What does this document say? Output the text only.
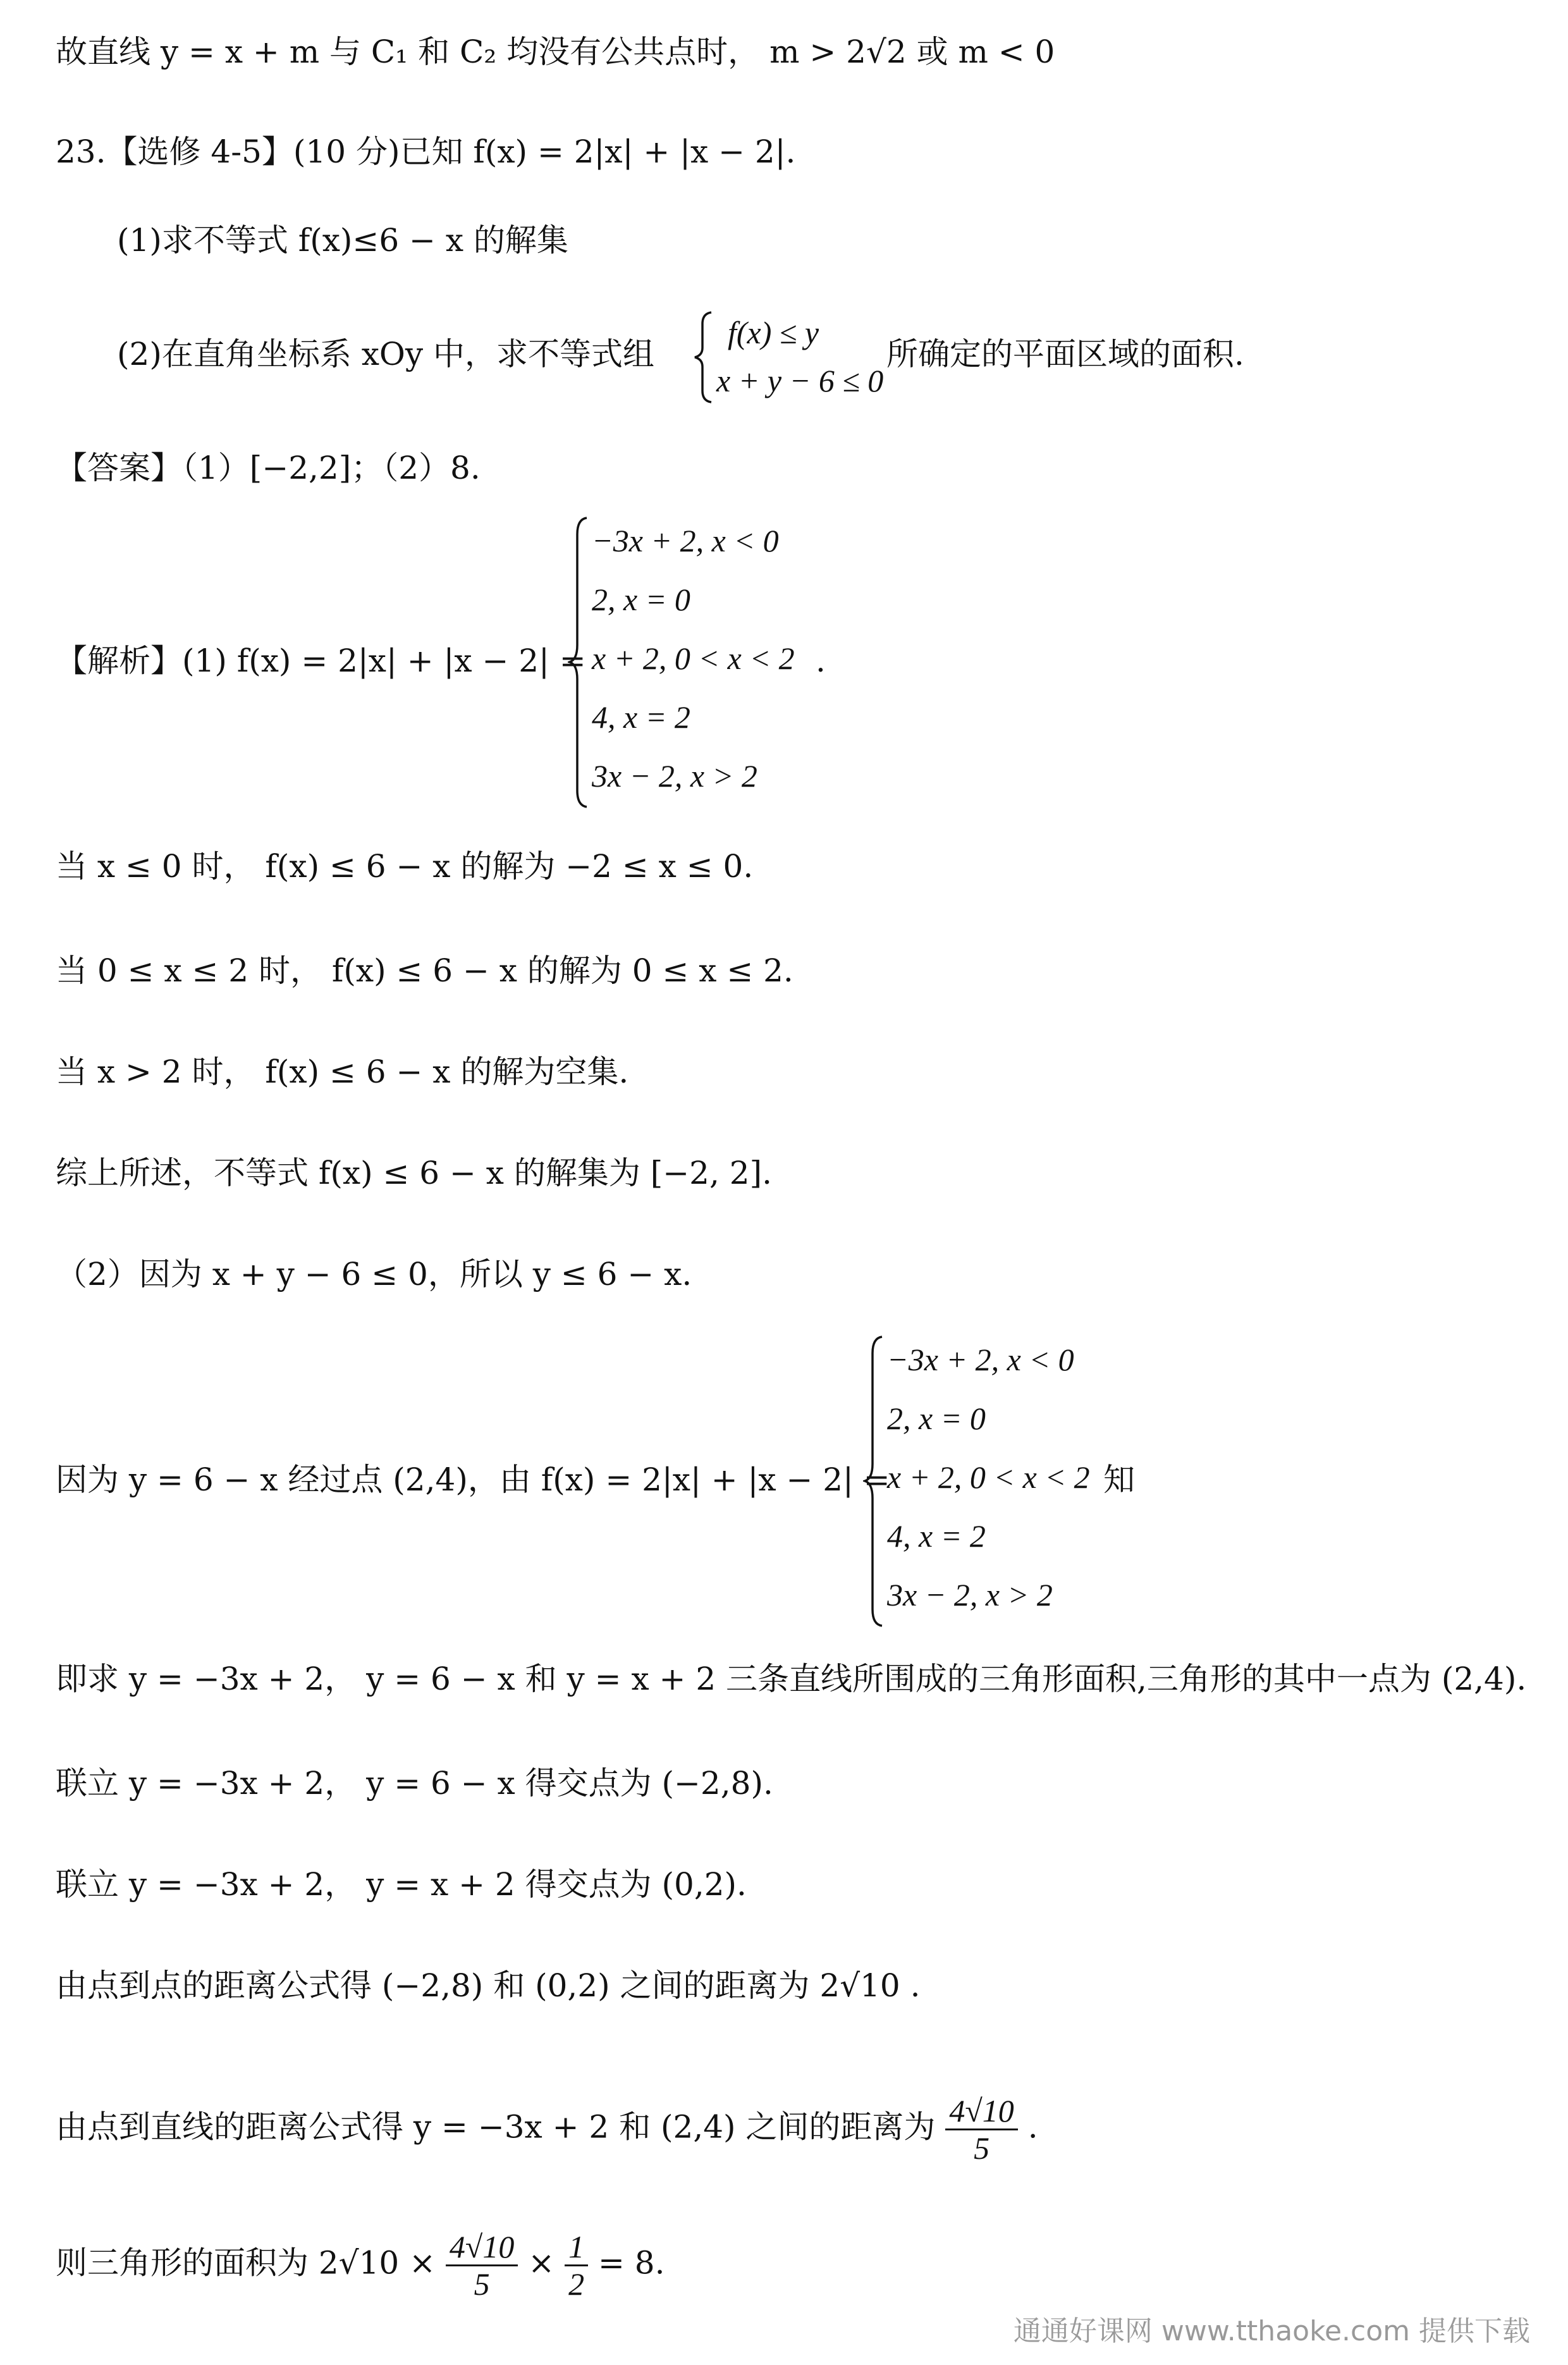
故直线 y = x + m 与 C₁ 和 C₂ 均没有公共点时， m > 2√2 或 m < 0
23.【选修 4-5】(10 分)已知 f(x) = 2|x| + |x − 2|.
(1)求不等式 f(x)≤6 − x 的解集
(2)在直角坐标系 xOy 中，求不等式组
f(x) ≤ y
x + y − 6 ≤ 0
所确定的平面区域的面积.
【答案】（1）[−2,2]；（2）8.
【解析】(1) f(x) = 2|x| + |x − 2| =
−3x + 2, x < 0
2, x = 0
x + 2, 0 < x < 2
4, x = 2
3x − 2, x > 2
.
当 x ≤ 0 时， f(x) ≤ 6 − x 的解为 −2 ≤ x ≤ 0.
当 0 ≤ x ≤ 2 时， f(x) ≤ 6 − x 的解为 0 ≤ x ≤ 2.
当 x > 2 时， f(x) ≤ 6 − x 的解为空集.
综上所述，不等式 f(x) ≤ 6 − x 的解集为 [−2, 2].
（2）因为 x + y − 6 ≤ 0，所以 y ≤ 6 − x.
因为 y = 6 − x 经过点 (2,4)，由 f(x) = 2|x| + |x − 2| =
−3x + 2, x < 0
2, x = 0
x + 2, 0 < x < 2
4, x = 2
3x − 2, x > 2
知
即求 y = −3x + 2， y = 6 − x 和 y = x + 2 三条直线所围成的三角形面积,三角形的其中一点为 (2,4).
联立 y = −3x + 2， y = 6 − x 得交点为 (−2,8).
联立 y = −3x + 2， y = x + 2 得交点为 (0,2).
由点到点的距离公式得 (−2,8) 和 (0,2) 之间的距离为 2√10 .
由点到直线的距离公式得 y = −3x + 2 和 (2,4) 之间的距离为 $\frac{4√10}{5}$ .
则三角形的面积为 $2√10 \times \frac{4√10}{5} \times \frac{1}{2} = 8$.
通通好课网 www.tthaoke.com 提供下载
